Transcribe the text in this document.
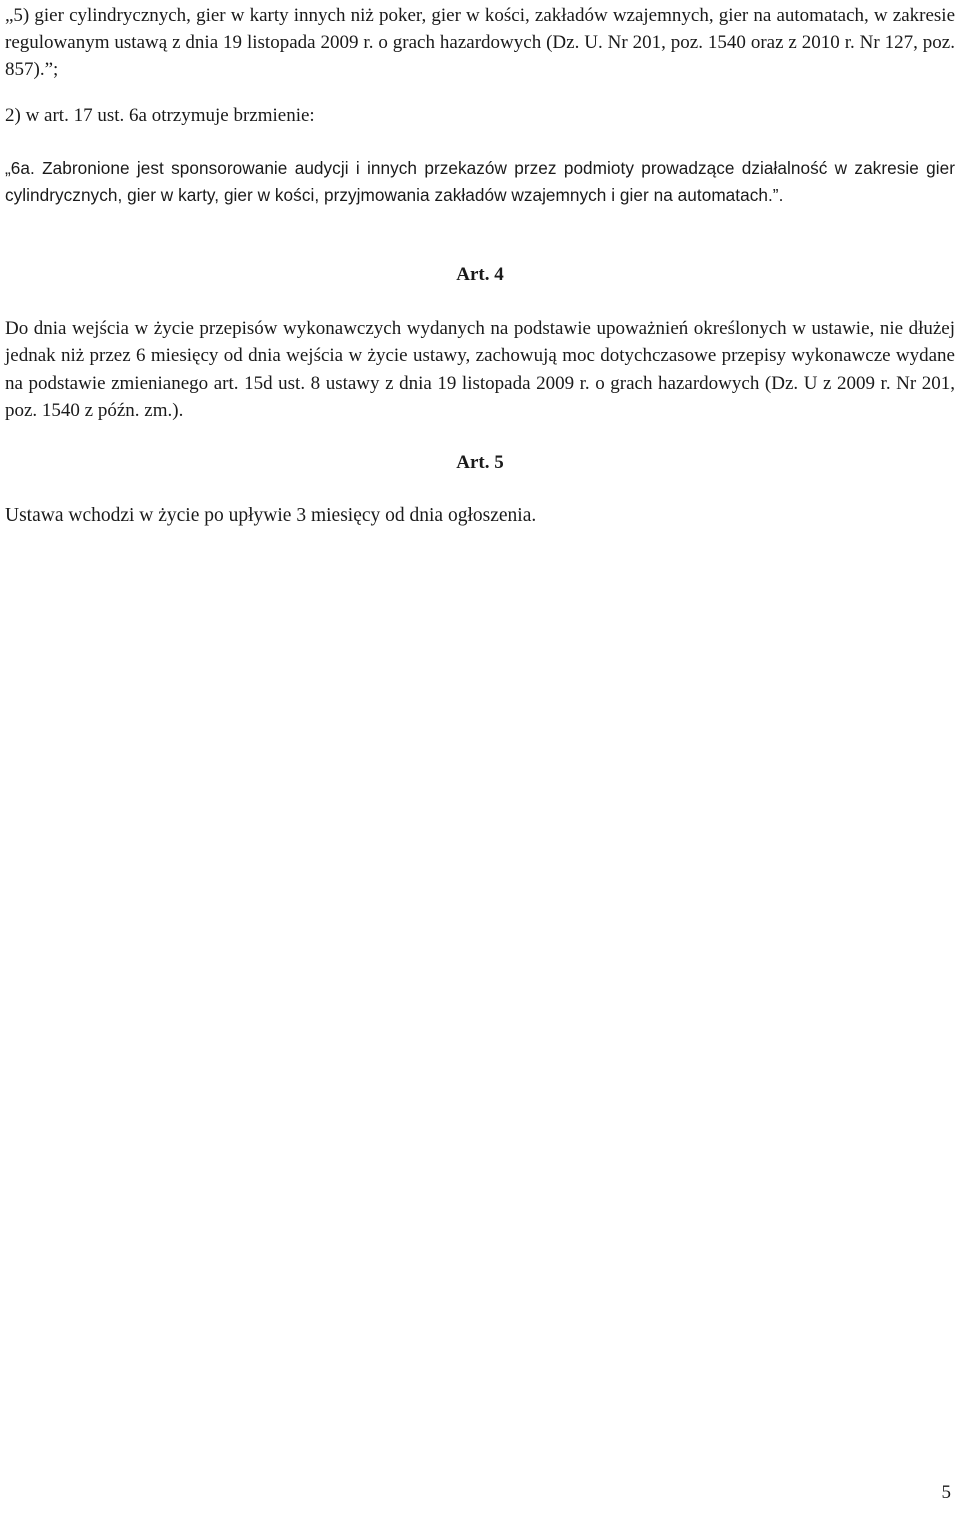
„5) gier cylindrycznych, gier w karty innych niż poker, gier w kości, zakładów wzajemnych, gier na automatach, w zakresie regulowanym ustawą z dnia 19 listopada 2009 r. o grach hazardowych (Dz. U. Nr 201, poz. 1540 oraz z 2010 r. Nr 127, poz. 857).”;

2) w art. 17 ust. 6a otrzymuje brzmienie:

„6a. Zabronione jest sponsorowanie audycji i innych przekazów przez podmioty prowadzące działalność w zakresie gier cylindrycznych, gier w karty, gier w kości, przyjmowania zakładów wzajemnych i gier na automatach.”.

Art. 4

Do dnia wejścia w życie przepisów wykonawczych wydanych na podstawie upoważnień określonych w ustawie, nie dłużej jednak niż przez 6 miesięcy od dnia wejścia w życie ustawy, zachowują moc dotychczasowe przepisy wykonawcze wydane na podstawie zmienianego art. 15d ust. 8 ustawy z dnia 19 listopada 2009 r. o grach hazardowych (Dz. U z 2009 r. Nr 201, poz. 1540 z późn. zm.).

Art. 5

Ustawa wchodzi w życie po upływie 3 miesięcy od dnia ogłoszenia.

5
